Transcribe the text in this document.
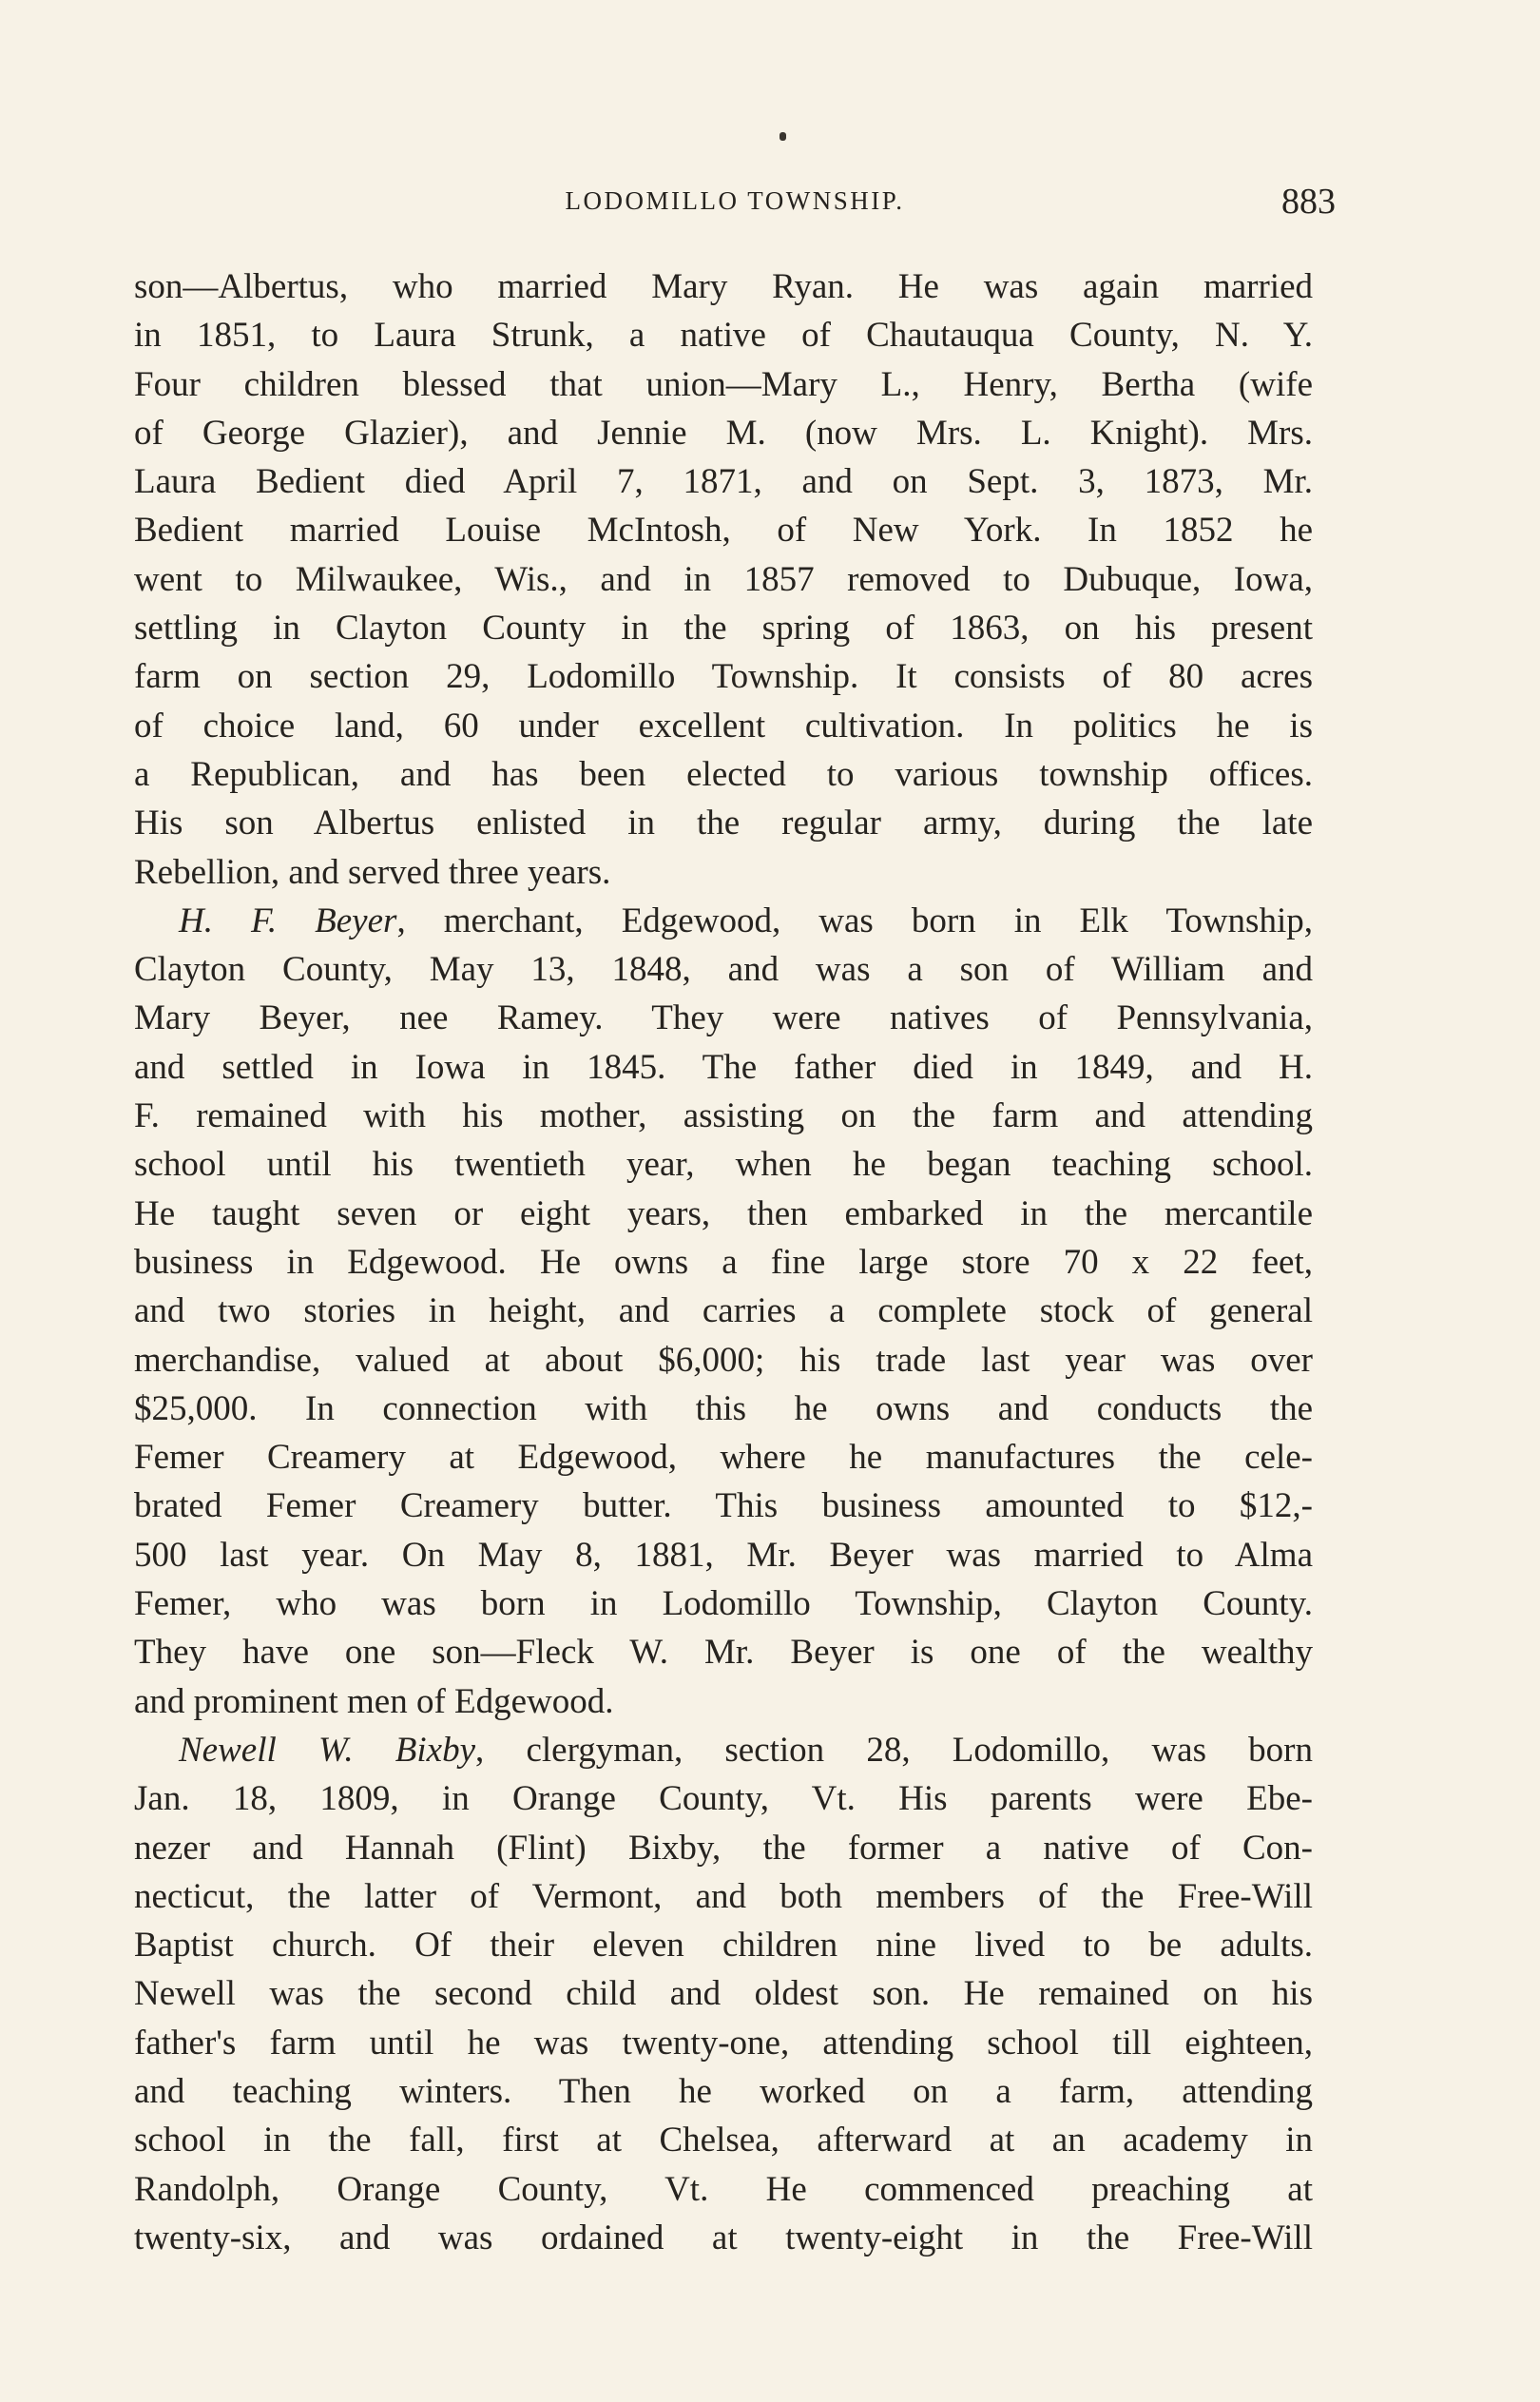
LODOMILLO TOWNSHIP.	883
son—Albertus, who married Mary Ryan. He was again married
in 1851, to Laura Strunk, a native of Chautauqua County, N. Y.
Four children blessed that union—Mary L., Henry, Bertha (wife
of George Glazier), and Jennie M. (now Mrs. L. Knight). Mrs.
Laura Bedient died April 7, 1871, and on Sept. 3, 1873, Mr.
Bedient married Louise McIntosh, of New York. In 1852 he
went to Milwaukee, Wis., and in 1857 removed to Dubuque, Iowa,
settling in Clayton County in the spring of 1863, on his present
farm on section 29, Lodomillo Township. It consists of 80 acres
of choice land, 60 under excellent cultivation. In politics he is
a Republican, and has been elected to various township offices.
His son Albertus enlisted in the regular army, during the late
Rebellion, and served three years.
H. F. Beyer, merchant, Edgewood, was born in Elk Township,
Clayton County, May 13, 1848, and was a son of William and
Mary Beyer, nee Ramey. They were natives of Pennsylvania,
and settled in Iowa in 1845. The father died in 1849, and H.
F. remained with his mother, assisting on the farm and attending
school until his twentieth year, when he began teaching school.
He taught seven or eight years, then embarked in the mercantile
business in Edgewood. He owns a fine large store 70 x 22 feet,
and two stories in height, and carries a complete stock of general
merchandise, valued at about $6,000; his trade last year was over
$25,000. In connection with this he owns and conducts the
Femer Creamery at Edgewood, where he manufactures the cele-
brated Femer Creamery butter. This business amounted to $12,-
500 last year. On May 8, 1881, Mr. Beyer was married to Alma
Femer, who was born in Lodomillo Township, Clayton County.
They have one son—Fleck W. Mr. Beyer is one of the wealthy
and prominent men of Edgewood.
Newell W. Bixby, clergyman, section 28, Lodomillo, was born
Jan. 18, 1809, in Orange County, Vt. His parents were Ebe-
nezer and Hannah (Flint) Bixby, the former a native of Con-
necticut, the latter of Vermont, and both members of the Free-Will
Baptist church. Of their eleven children nine lived to be adults.
Newell was the second child and oldest son. He remained on his
father's farm until he was twenty-one, attending school till eighteen,
and teaching winters. Then he worked on a farm, attending
school in the fall, first at Chelsea, afterward at an academy in
Randolph, Orange County, Vt. He commenced preaching at
twenty-six, and was ordained at twenty-eight in the Free-Will
